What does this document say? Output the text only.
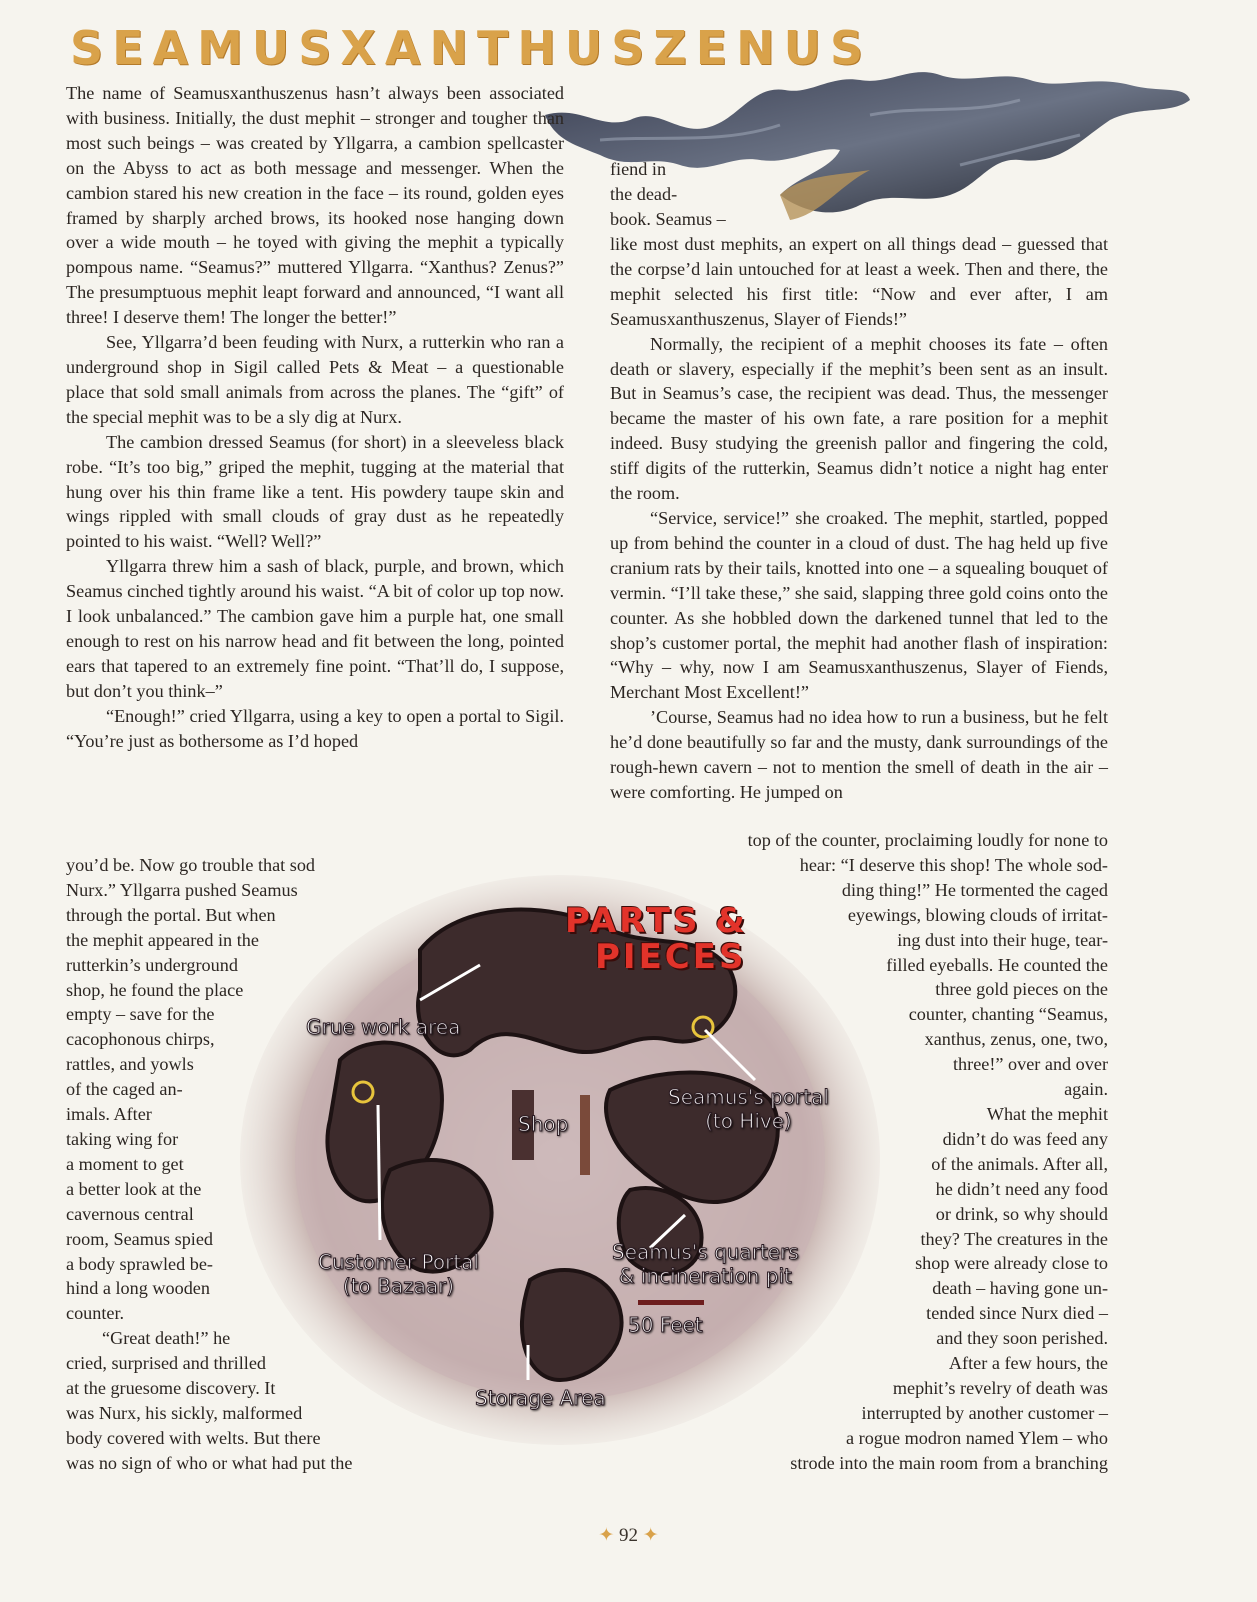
SEAMUSXANTHUSZENUS

The name of Seamusxanthuszenus hasn’t always been associated with business. Initially, the dust mephit – stronger and tougher than most such beings – was created by Yllgarra, a cambion spellcaster on the Abyss to act as both message and messenger. When the cambion stared his new creation in the face – its round, golden eyes framed by sharply arched brows, its hooked nose hanging down over a wide mouth – he toyed with giving the mephit a typically pompous name. “Seamus?” muttered Yllgarra. “Xanthus? Zenus?” The presumptuous mephit leapt forward and announced, “I want all three! I deserve them! The longer the better!”

See, Yllgarra’d been feuding with Nurx, a rutterkin who ran a underground shop in Sigil called Pets & Meat – a questionable place that sold small animals from across the planes. The “gift” of the special mephit was to be a sly dig at Nurx.

The cambion dressed Seamus (for short) in a sleeveless black robe. “It’s too big,” griped the mephit, tugging at the material that hung over his thin frame like a tent. His powdery taupe skin and wings rippled with small clouds of gray dust as he repeatedly pointed to his waist. “Well? Well?”

Yllgarra threw him a sash of black, purple, and brown, which Seamus cinched tightly around his waist. “A bit of color up top now. I look unbalanced.” The cambion gave him a purple hat, one small enough to rest on his narrow head and fit between the long, pointed ears that tapered to an extremely fine point. “That’ll do, I suppose, but don’t you think–”

“Enough!” cried Yllgarra, using a key to open a portal to Sigil. “You’re just as bothersome as I’d hoped

you’d be. Now go trouble that sod
Nurx.” Yllgarra pushed Seamus
through the portal. But when
the mephit appeared in the
rutterkin’s underground
shop, he found the place
empty – save for the
cacophonous chirps,
rattles, and yowls
of the caged an-
imals. After
taking wing for
a moment to get
a better look at the
cavernous central
room, Seamus spied
a body sprawled be-
hind a long wooden
counter.
“Great death!” he
cried, surprised and thrilled
at the gruesome discovery. It
was Nurx, his sickly, malformed
body covered with welts. But there
was no sign of who or what had put the
fiend in
the dead-
book. Seamus –

like most dust mephits, an expert on all things dead – guessed that the corpse’d lain untouched for at least a week. Then and there, the mephit selected his first title: “Now and ever after, I am Seamusxanthuszenus, Slayer of Fiends!”

Normally, the recipient of a mephit chooses its fate – often death or slavery, especially if the mephit’s been sent as an insult. But in Seamus’s case, the recipient was dead. Thus, the messenger became the master of his own fate, a rare position for a mephit indeed. Busy studying the greenish pallor and fingering the cold, stiff digits of the rutterkin, Seamus didn’t notice a night hag enter the room.

“Service, service!” she croaked. The mephit, startled, popped up from behind the counter in a cloud of dust. The hag held up five cranium rats by their tails, knotted into one – a squealing bouquet of vermin. “I’ll take these,” she said, slapping three gold coins onto the counter. As she hobbled down the darkened tunnel that led to the shop’s customer portal, the mephit had another flash of inspiration: “Why – why, now I am Seamusxanthuszenus, Slayer of Fiends, Merchant Most Excellent!”

’Course, Seamus had no idea how to run a business, but he felt he’d done beautifully so far and the musty, dank surroundings of the rough-hewn cavern – not to mention the smell of death in the air – were comforting. He jumped on

top of the counter, proclaiming loudly for none to
hear: “I deserve this shop! The whole sod-
ding thing!” He tormented the caged
eyewings, blowing clouds of irritat-
ing dust into their huge, tear-
filled eyeballs. He counted the
three gold pieces on the
counter, chanting “Seamus,
xanthus, zenus, one, two,
three!” over and over
again.
What the mephit
didn’t do was feed any
of the animals. After all,
he didn’t need any food
or drink, so why should
they? The creatures in the
shop were already close to
death – having gone un-
tended since Nurx died –
and they soon perished.
After a few hours, the
mephit’s revelry of death was
interrupted by another customer –
a rogue modron named Ylem – who
strode into the main room from a branching
PARTS &
PIECES
Grue work area
Seamus's portal
(to Hive)
Shop
Customer Portal
(to Bazaar)
Seamus's quarters
& incineration pit
50 Feet
Storage Area
✦ 92 ✦
